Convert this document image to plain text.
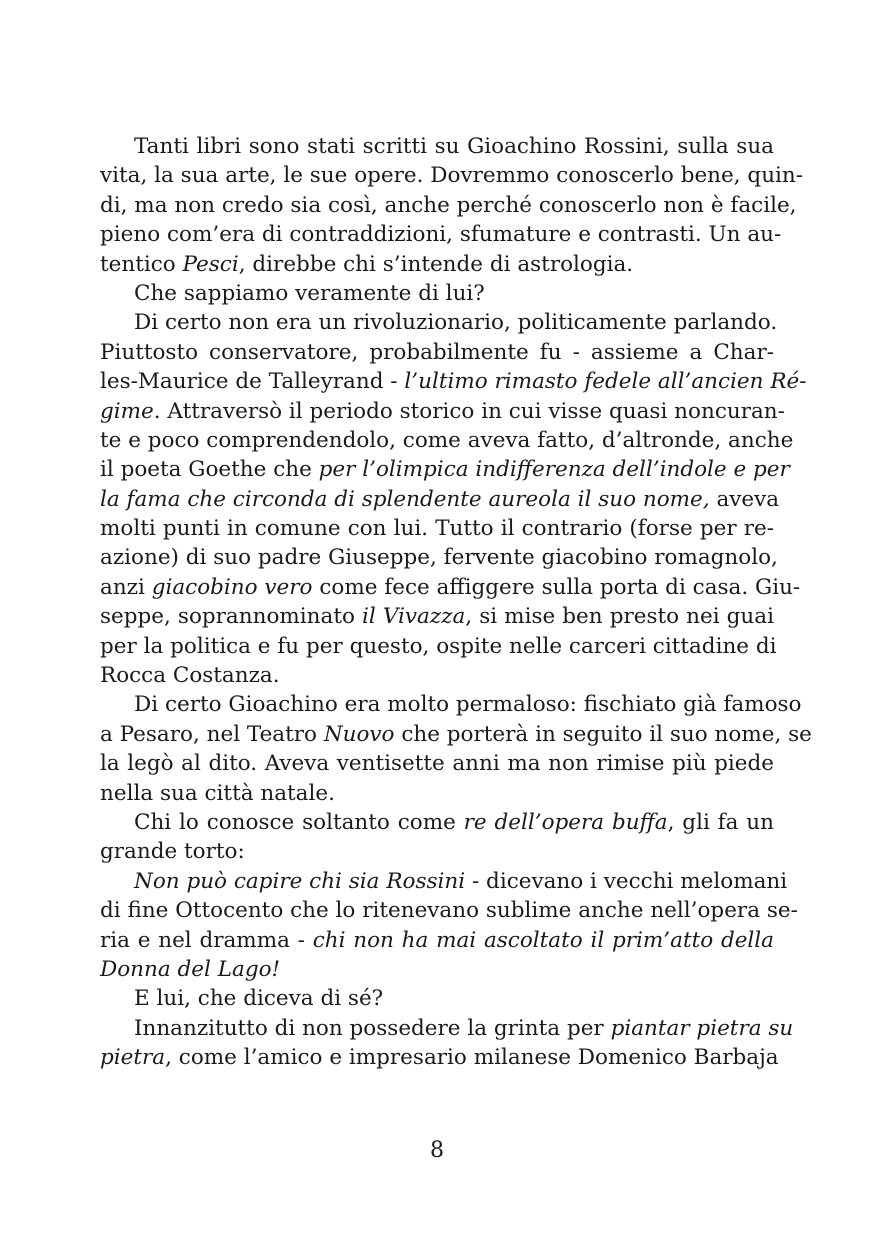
Tanti libri sono stati scritti su Gioachino Rossini, sulla sua
vita, la sua arte, le sue opere. Dovremmo conoscerlo bene, quin-
di, ma non credo sia così, anche perché conoscerlo non è facile,
pieno com’era di contraddizioni, sfumature e contrasti. Un au-
tentico Pesci, direbbe chi s’intende di astrologia.
Che sappiamo veramente di lui?
Di certo non era un rivoluzionario, politicamente parlando.
Piuttosto conservatore, probabilmente fu - assieme a Char-
les-Maurice de Talleyrand - l’ultimo rimasto fedele all’ancien Ré-
gime. Attraversò il periodo storico in cui visse quasi noncuran-
te e poco comprendendolo, come aveva fatto, d’altronde, anche
il poeta Goethe che per l’olimpica indifferenza dell’indole e per
la fama che circonda di splendente aureola il suo nome, aveva
molti punti in comune con lui. Tutto il contrario (forse per re-
azione) di suo padre Giuseppe, fervente giacobino romagnolo,
anzi giacobino vero come fece affiggere sulla porta di casa. Giu-
seppe, soprannominato il Vivazza, si mise ben presto nei guai
per la politica e fu per questo, ospite nelle carceri cittadine di
Rocca Costanza.
Di certo Gioachino era molto permaloso: fischiato già famoso
a Pesaro, nel Teatro Nuovo che porterà in seguito il suo nome, se
la legò al dito. Aveva ventisette anni ma non rimise più piede
nella sua città natale.
Chi lo conosce soltanto come re dell’opera buffa, gli fa un
grande torto:
Non può capire chi sia Rossini - dicevano i vecchi melomani
di fine Ottocento che lo ritenevano sublime anche nell’opera se-
ria e nel dramma - chi non ha mai ascoltato il prim’atto della
Donna del Lago!
E lui, che diceva di sé?
Innanzitutto di non possedere la grinta per piantar pietra su
pietra, come l’amico e impresario milanese Domenico Barbaja
8
